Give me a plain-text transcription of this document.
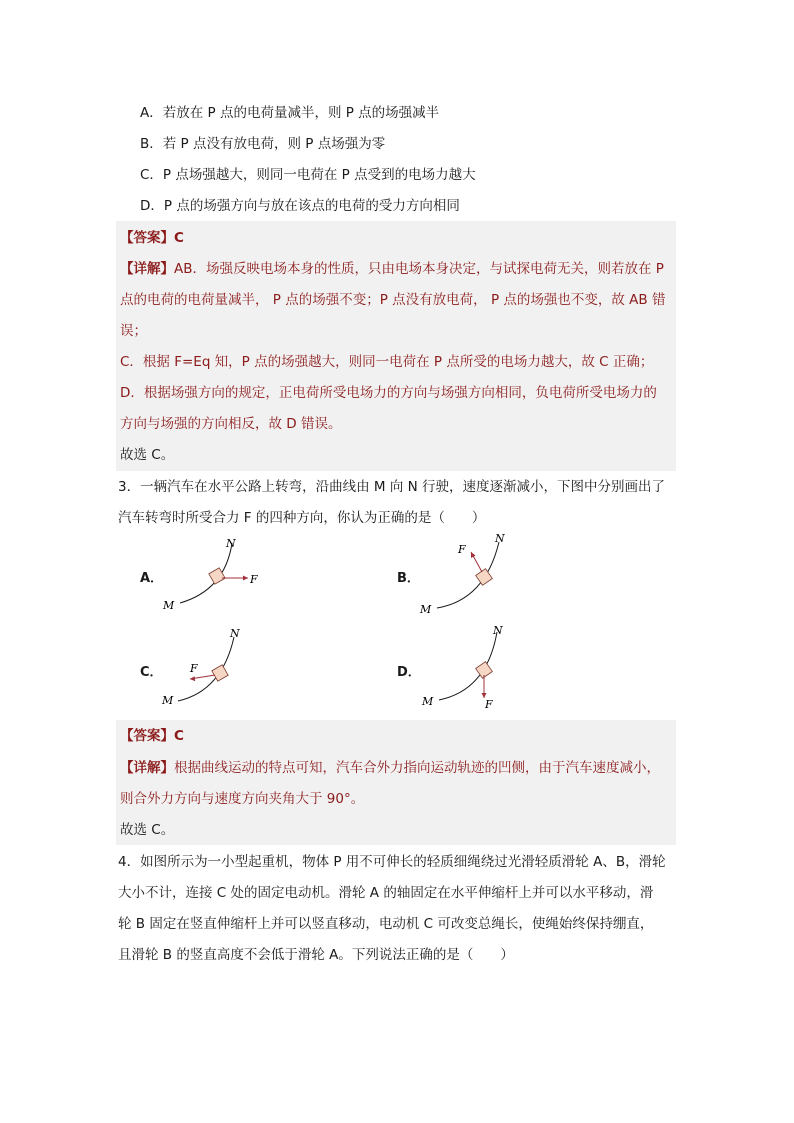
A．若放在 P 点的电荷量减半，则 P 点的场强减半
B．若 P 点没有放电荷，则 P 点场强为零
C．P 点场强越大，则同一电荷在 P 点受到的电场力越大
D．P 点的场强方向与放在该点的电荷的受力方向相同
【答案】C
【详解】AB．场强反映电场本身的性质，只由电场本身决定，与试探电荷无关，则若放在 P
点的电荷的电荷量减半， P 点的场强不变；P 点没有放电荷， P 点的场强也不变，故 AB 错
误；
C．根据 F=Eq 知，P 点的场强越大，则同一电荷在 P 点所受的电场力越大，故 C 正确；
D．根据场强方向的规定，正电荷所受电场力的方向与场强方向相同，负电荷所受电场力的
方向与场强的方向相反，故 D 错误。
故选 C。
3．一辆汽车在水平公路上转弯，沿曲线由 M 向 N 行驶，速度逐渐减小，下图中分别画出了
汽车转弯时所受合力 F 的四种方向，你认为正确的是（　　）
A．
N
M
F	B．
N
M
F
C．
N
M
F	D．
N
M	F
【答案】C
【详解】根据曲线运动的特点可知，汽车合外力指向运动轨迹的凹侧，由于汽车速度减小，
则合外力方向与速度方向夹角大于 90°。
故选 C。
4．如图所示为一小型起重机，物体 P 用不可伸长的轻质细绳绕过光滑轻质滑轮 A、B，滑轮
大小不计，连接 C 处的固定电动机。滑轮 A 的轴固定在水平伸缩杆上并可以水平移动，滑
轮 B 固定在竖直伸缩杆上并可以竖直移动，电动机 C 可改变总绳长，使绳始终保持绷直，
且滑轮 B 的竖直高度不会低于滑轮 A。下列说法正确的是（　　）
